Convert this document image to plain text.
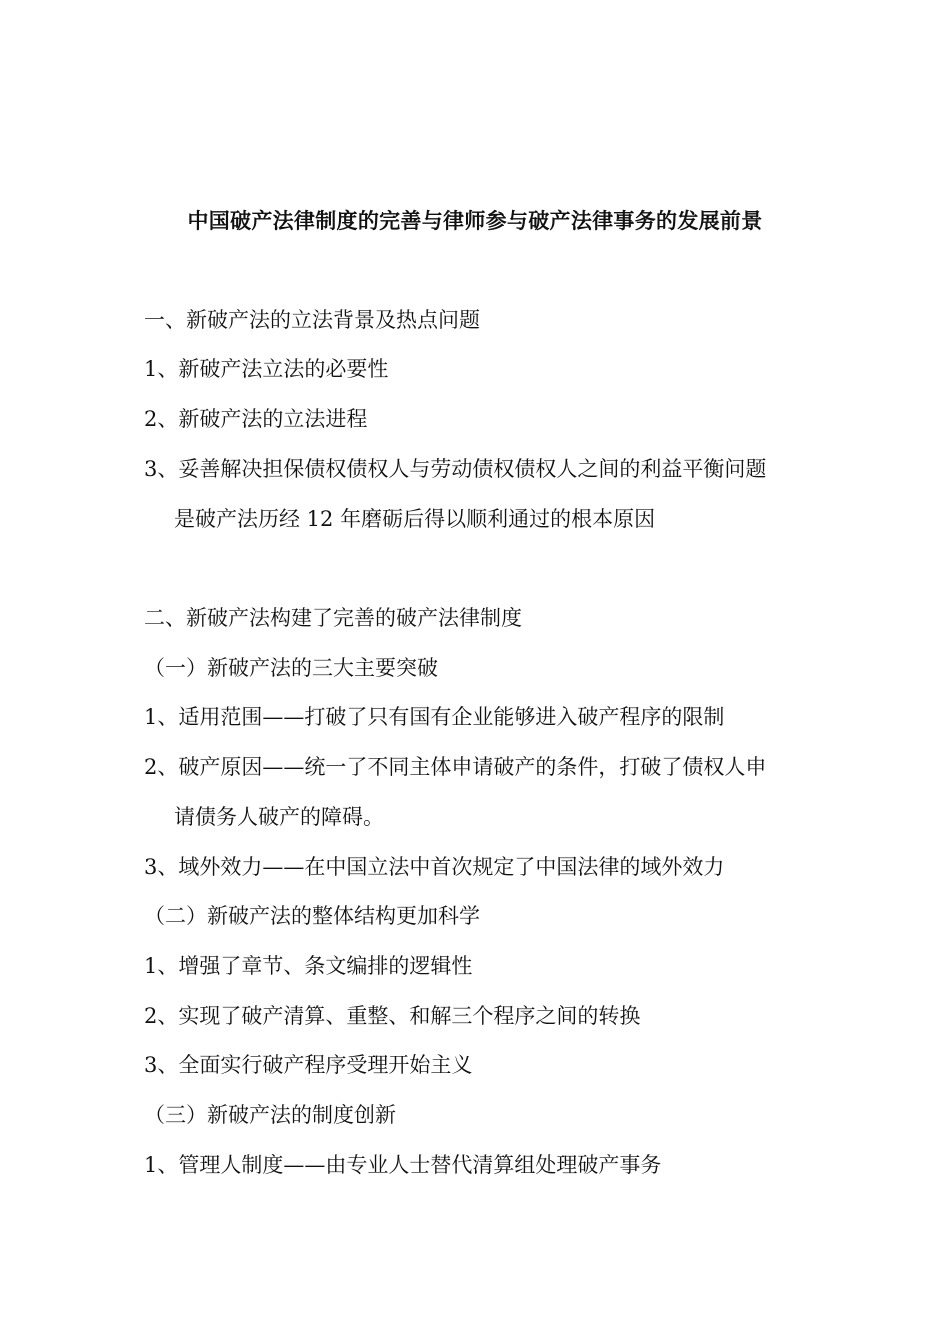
中国破产法律制度的完善与律师参与破产法律事务的发展前景
一、新破产法的立法背景及热点问题
1、新破产法立法的必要性
2、新破产法的立法进程
3、妥善解决担保债权债权人与劳动债权债权人之间的利益平衡问题
是破产法历经 12 年磨砺后得以顺利通过的根本原因
二、新破产法构建了完善的破产法律制度
（一）新破产法的三大主要突破
1、适用范围——打破了只有国有企业能够进入破产程序的限制
2、破产原因——统一了不同主体申请破产的条件，打破了债权人申
请债务人破产的障碍。
3、域外效力——在中国立法中首次规定了中国法律的域外效力
（二）新破产法的整体结构更加科学
1、增强了章节、条文编排的逻辑性
2、实现了破产清算、重整、和解三个程序之间的转换
3、全面实行破产程序受理开始主义
（三）新破产法的制度创新
1、管理人制度——由专业人士替代清算组处理破产事务
